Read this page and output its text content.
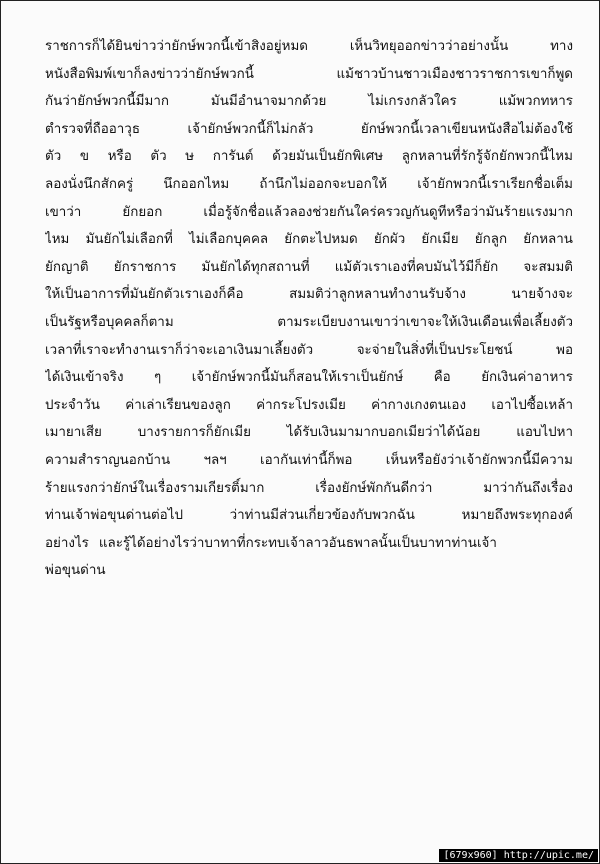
ราชการก็ได้ยินข่าวว่ายักษ์พวกนี้เข้าสิงอยู่หมด	เห็นวิทยุออกข่าวว่าอย่างนั้น	ทาง
หนังสือพิมพ์เขาก็ลงข่าวว่ายักษ์พวกนี้	แม้ชาวบ้านชาวเมืองชาวราชการเขาก็พูด
กันว่ายักษ์พวกนี้มีมาก	มันมีอำนาจมากด้วย	ไม่เกรงกลัวใคร	แม้พวกทหาร
ตำรวจที่ถืออาวุธ	เจ้ายักษ์พวกนี้ก็ไม่กลัว	ยักษ์พวกนี้เวลาเขียนหนังสือไม่ต้องใช้
ตัว ข หรือ ตัว ษ การันต์ ด้วยมันเป็นยักพิเศษ ลูกหลานที่รักรู้จักยักพวกนี้ไหม
ลองนั่งนึกสักครู่ นึกออกไหม ถ้านึกไม่ออกจะบอกให้ เจ้ายักพวกนี้เราเรียกชื่อเต็ม
เขาว่า	ยักยอก	เมื่อรู้จักชื่อแล้วลองช่วยกันใคร่ครวญกันดูทีหรือว่ามันร้ายแรงมาก
ไหม มันยักไม่เลือกที่ ไม่เลือกบุคคล ยักตะไปหมด ยักผัว ยักเมีย ยักลูก ยักหลาน
ยักญาติ ยักราชการ มันยักได้ทุกสถานที่ แม้ตัวเราเองที่คบมันไว้มีก็ยัก จะสมมติ
ให้เป็นอาการที่มันยักตัวเราเองก็คือ	สมมติว่าลูกหลานทำงานรับจ้าง	นายจ้างจะ
เป็นรัฐหรือบุคคลก็ตาม	ตามระเบียบงานเขาว่าเขาจะให้เงินเดือนเพื่อเลี้ยงตัว
เวลาที่เราจะทำงานเราก็ว่าจะเอาเงินมาเลี้ยงตัว	จะจ่ายในสิ่งที่เป็นประโยชน์	พอ
ได้เงินเข้าจริง ๆ เจ้ายักษ์พวกนี้มันก็สอนให้เราเป็นยักษ์ คือ ยักเงินค่าอาหาร
ประจำวัน ค่าเล่าเรียนของลูก ค่ากระโปรงเมีย ค่ากางเกงตนเอง เอาไปซื้อเหล้า
เมายาเสีย	บางรายการก็ยักเมีย	ได้รับเงินมามากบอกเมียว่าได้น้อย	แอบไปหา
ความสำราญนอกบ้าน ฯลฯ เอากันเท่านี้ก็พอ เห็นหรือยังว่าเจ้ายักพวกนี้มีความ
ร้ายแรงกว่ายักษ์ในเรื่องรามเกียรติ์มาก	เรื่องยักษ์พักกันดีกว่า	มาว่ากันถึงเรื่อง
ท่านเจ้าพ่อขุนด่านต่อไป	ว่าท่านมีส่วนเกี่ยวข้องกับพวกฉัน	หมายถึงพระทุกองค์
อย่างไร และรู้ได้อย่างไรว่าบาทาที่กระทบเจ้าลาวอันธพาลนั้นเป็นบาทาท่านเจ้า
พ่อขุนด่าน
[679x960] http://upic.me/
